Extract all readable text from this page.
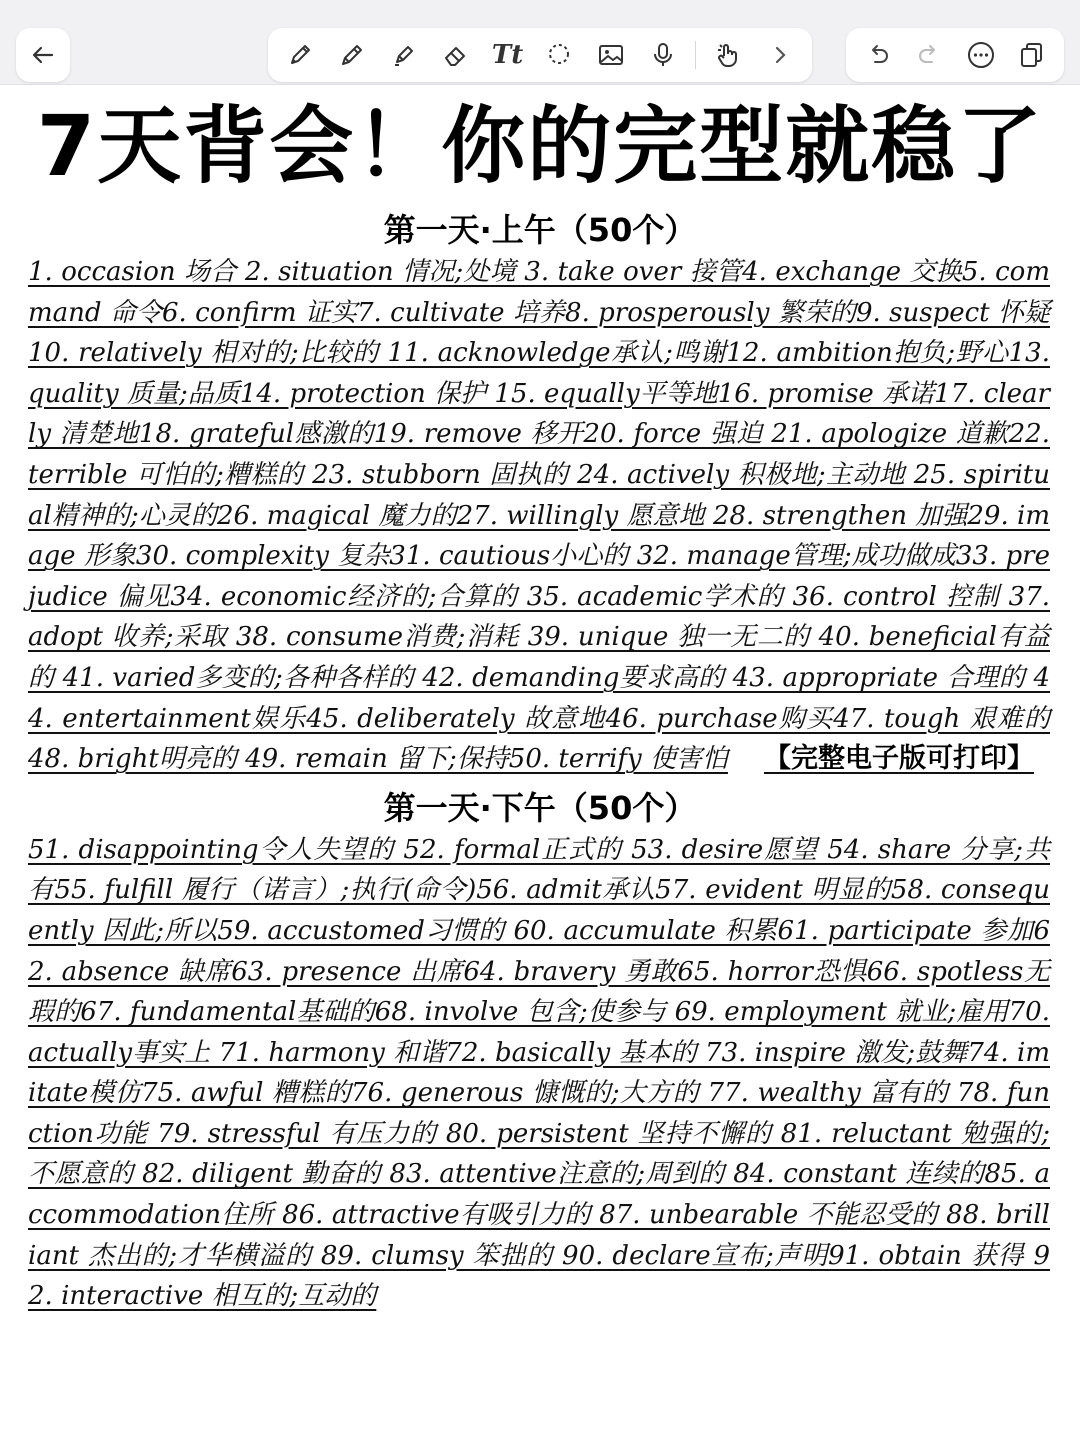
Tt
7天背会！你的完型就稳了
第一天·上午（50个）

1. occasion 场合 2. situation 情况;处境 3. take over 接管4. exchange 交换5. command 命令6. confirm 证实7. cultivate 培养8. prosperously 繁荣的9. suspect 怀疑10. relatively 相对的;比较的 11. acknowledge承认;鸣谢12. ambition抱负;野心13. quality 质量;品质14. protection 保护 15. equally平等地16. promise 承诺17. clearly 清楚地18. grateful感激的19. remove 移开20. force 强迫 21. apologize 道歉22. terrible 可怕的;糟糕的 23. stubborn 固执的 24. actively 积极地;主动地 25. spiritual精神的;心灵的26. magical 魔力的27. willingly 愿意地 28. strengthen 加强29. image 形象30. complexity 复杂31. cautious小心的 32. manage管理;成功做成33. prejudice 偏见34. economic经济的;合算的 35. academic学术的 36. control 控制 37. adopt 收养;采取 38. consume消费;消耗 39. unique 独一无二的 40. beneficial有益的 41. varied多变的;各种各样的 42. demanding要求高的 43. appropriate 合理的 44. entertainment娱乐45. deliberately 故意地46. purchase购买47. tough 艰难的 48. bright明亮的 49. remain 留下;保持50. terrify 使害怕 【完整电子版可打印】

第一天·下午（50个）

51. disappointing令人失望的 52. formal正式的 53. desire愿望 54. share 分享;共有55. fulfill 履行（诺言）;执行(命令)56. admit承认57. evident 明显的58. consequently 因此;所以59. accustomed习惯的 60. accumulate 积累61. participate 参加62. absence 缺席63. presence 出席64. bravery 勇敢65. horror恐惧66. spotless无瑕的67. fundamental基础的68. involve 包含;使参与 69. employment 就业;雇用70. actually事实上 71. harmony 和谐72. basically 基本的 73. inspire 激发;鼓舞74. imitate模仿75. awful 糟糕的76. generous 慷慨的;大方的 77. wealthy 富有的 78. function功能 79. stressful 有压力的 80. persistent 坚持不懈的 81. reluctant 勉强的;不愿意的 82. diligent 勤奋的 83. attentive注意的;周到的 84. constant 连续的85. accommodation住所 86. attractive有吸引力的 87. unbearable 不能忍受的 88. brilliant 杰出的;才华横溢的 89. clumsy 笨拙的 90. declare宣布;声明91. obtain 获得 92. interactive 相互的;互动的
